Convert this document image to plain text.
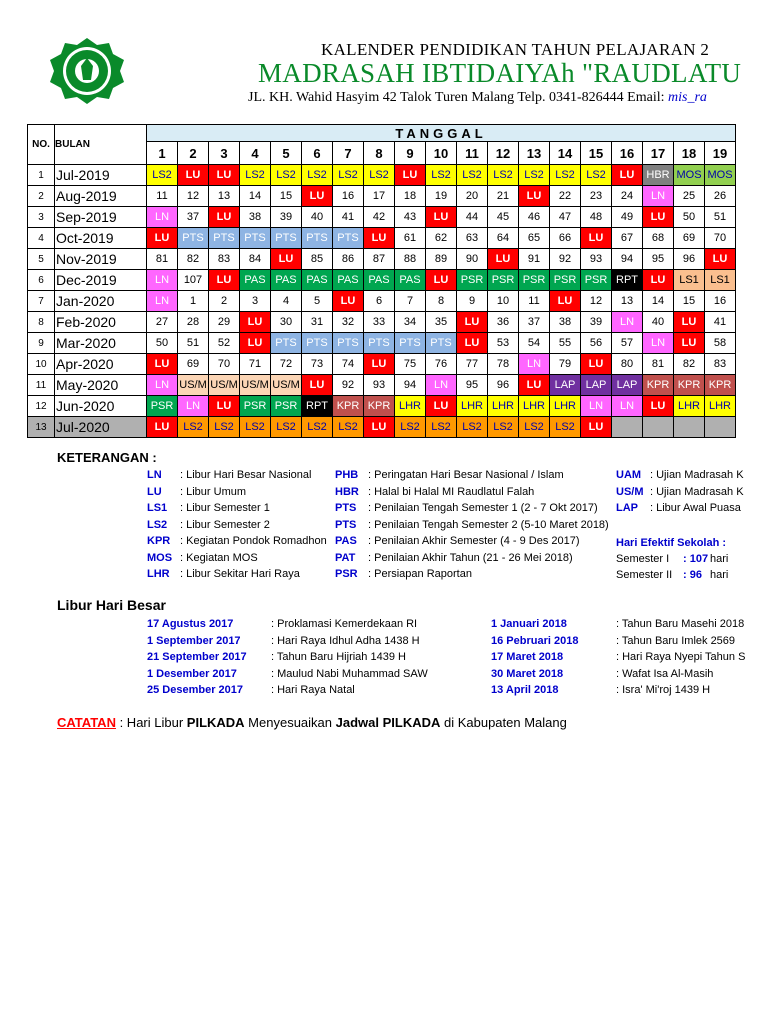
KALENDER PENDIDIKAN TAHUN PELAJARAN 2
MADRASAH IBTIDAIYAh "RAUDLATU
JL. KH. Wahid Hasyim 42 Talok Turen Malang Telp. 0341-826444 Email: mis_ra
NO.	BULAN	TANGGAL																		
		1	2	3	4	5	6	7	8	9	10	11	12	13	14	15	16	17	18	19
1	Jul-2019	LS2	LU	LU	LS2	LS2	LS2	LS2	LS2	LU	LS2	LS2	LS2	LS2	LS2	LS2	LU	HBR	MOS	MOS
2	Aug-2019	11	12	13	14	15	LU	16	17	18	19	20	21	LU	22	23	24	LN	25	26
3	Sep-2019	LN	37	LU	38	39	40	41	42	43	LU	44	45	46	47	48	49	LU	50	51
4	Oct-2019	LU	PTS	PTS	PTS	PTS	PTS	PTS	LU	61	62	63	64	65	66	LU	67	68	69	70
5	Nov-2019	81	82	83	84	LU	85	86	87	88	89	90	LU	91	92	93	94	95	96	LU
6	Dec-2019	LN	107	LU	PAS	PAS	PAS	PAS	PAS	PAS	LU	PSR	PSR	PSR	PSR	PSR	RPT	LU	LS1	LS1
7	Jan-2020	LN	1	2	3	4	5	LU	6	7	8	9	10	11	LU	12	13	14	15	16
8	Feb-2020	27	28	29	LU	30	31	32	33	34	35	LU	36	37	38	39	LN	40	LU	41
9	Mar-2020	50	51	52	LU	PTS	PTS	PTS	PTS	PTS	PTS	LU	53	54	55	56	57	LN	LU	58
10	Apr-2020	LU	69	70	71	72	73	74	LU	75	76	77	78	LN	79	LU	80	81	82	83
11	May-2020	LN	US/M	US/M	US/M	US/M	LU	92	93	94	LN	95	96	LU	LAP	LAP	LAP	KPR	KPR	KPR
12	Jun-2020	PSR	LN	LU	PSR	PSR	RPT	KPR	KPR	LHR	LU	LHR	LHR	LHR	LHR	LN	LN	LU	LHR	LHR
13	Jul-2020	LU	LS2	LS2	LS2	LS2	LS2	LS2	LU	LS2	LS2	LS2	LS2	LS2	LS2	LU				
KETERANGAN :
LN : Libur Hari Besar Nasional
LU : Libur Umum
LS1 : Libur Semester 1
LS2 : Libur Semester 2
KPR : Kegiatan Pondok Romadhon
MOS : Kegiatan MOS
LHR : Libur Sekitar Hari Raya
PHB : Peringatan Hari Besar Nasional / Islam
HBR : Halal bi Halal MI Raudlatul Falah
PTS : Penilaian Tengah Semester 1 (2 - 7 Okt 2017)
PTS : Penilaian Tengah Semester 2 (5-10 Maret 2018)
PAS : Penilaian Akhir Semester (4 - 9 Des 2017)
PAT : Penilaian Akhir Tahun (21 - 26 Mei 2018)
PSR : Persiapan Raportan
UAM : Ujian Madrasah K
US/M : Ujian Madrasah K
LAP : Libur Awal Puasa
Hari Efektif Sekolah :
Semester I : 107 hari
Semester II : 96 hari
Libur Hari Besar
17 Agustus 2017	: Proklamasi Kemerdekaan RI
1 September 2017	: Hari Raya Idhul Adha 1438 H
21 September 2017 : Tahun Baru Hijriah 1439 H
1 Desember 2017	: Maulud Nabi Muhammad SAW
25 Desember 2017	: Hari Raya Natal
1 Januari 2018	: Tahun Baru Masehi 2018
16 Pebruari 2018	: Tahun Baru Imlek 2569
17 Maret 2018	: Hari Raya Nyepi Tahun S
30 Maret 2018	: Wafat Isa Al-Masih
13 April 2018	: Isra' Mi'roj 1439 H
CATATAN : Hari Libur PILKADA Menyesuaikan Jadwal PILKADA di Kabupaten Malang
